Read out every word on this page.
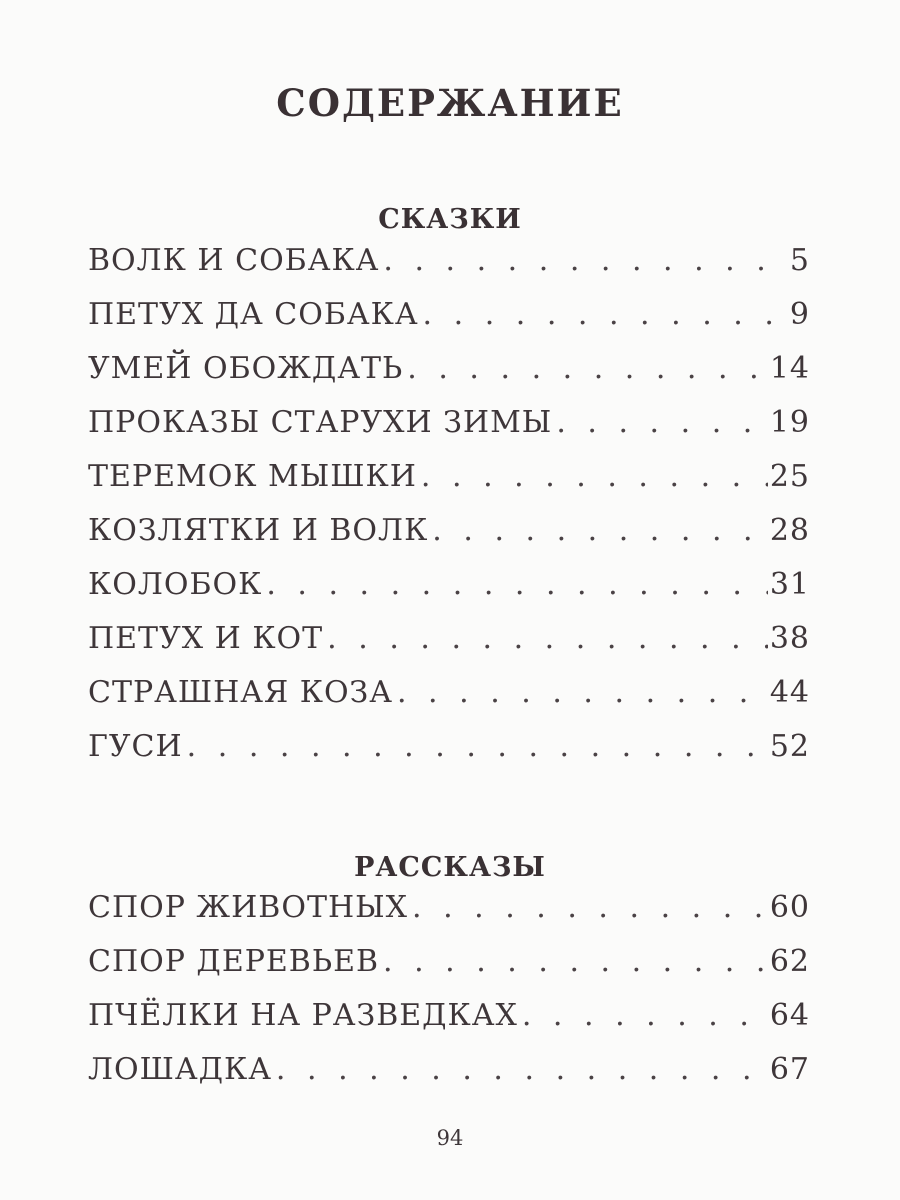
СОДЕРЖАНИЕ
СКАЗКИ
ВОЛК И СОБАКА . . .	5
ПЕТУХ ДА СОБАКА . . .	9
УМЕЙ ОБОЖДАТЬ . . .	14
ПРОКАЗЫ СТАРУХИ ЗИМЫ . . .	19
ТЕРЕМОК МЫШКИ . . .	25
КОЗЛЯТКИ И ВОЛК . . .	28
КОЛОБОК . . .	31
ПЕТУХ И КОТ . . .	38
СТРАШНАЯ КОЗА . . .	44
ГУСИ . . .	52
РАССКАЗЫ
СПОР ЖИВОТНЫХ . . .	60
СПОР ДЕРЕВЬЕВ . . .	62
ПЧЁЛКИ НА РАЗВЕДКАХ . . .	64
ЛОШАДКА . . .	67
94
